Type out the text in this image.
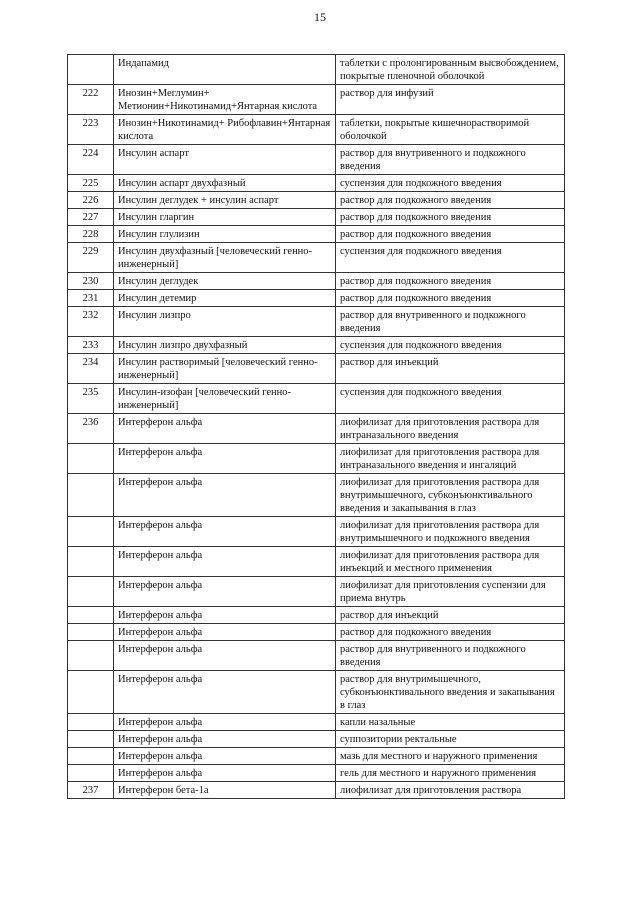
15
	Индапамид	таблетки с пролонгированным высвобождением, покрытые пленочной оболочкой
222	Инозин+Меглумин+ Метионин+Никотинамид+Янтарная кислота	раствор для инфузий
223	Инозин+Никотинамид+ Рибофлавин+Янтарная кислота	таблетки, покрытые кишечнорастворимой оболочкой
224	Инсулин аспарт	раствор для внутривенного и подкожного введения
225	Инсулин аспарт двухфазный	суспензия для подкожного введения
226	Инсулин деглудек + инсулин аспарт	раствор для подкожного введения
227	Инсулин гларгин	раствор для подкожного введения
228	Инсулин глулизин	раствор для подкожного введения
229	Инсулин двухфазный [человеческий генно-инженерный]	суспензия для подкожного введения
230	Инсулин деглудек	раствор для подкожного введения
231	Инсулин детемир	раствор для подкожного введения
232	Инсулин лизпро	раствор для внутривенного и подкожного введения
233	Инсулин лизпро двухфазный	суспензия для подкожного введения
234	Инсулин растворимый [человеческий генно-инженерный]	раствор для инъекций
235	Инсулин-изофан [человеческий генно-инженерный]	суспензия для подкожного введения
236	Интерферон альфа	лиофилизат для приготовления раствора для интраназального введения
	Интерферон альфа	лиофилизат для приготовления раствора для интраназального введения и ингаляций
	Интерферон альфа	лиофилизат для приготовления раствора для внутримышечного, субконъюнктивального введения и закапывания в глаз
	Интерферон альфа	лиофилизат для приготовления раствора для внутримышечного и подкожного введения
	Интерферон альфа	лиофилизат для приготовления раствора для инъекций и местного применения
	Интерферон альфа	лиофилизат для приготовления суспензии для приема внутрь
	Интерферон альфа	раствор для инъекций
	Интерферон альфа	раствор для подкожного введения
	Интерферон альфа	раствор для внутривенного и подкожного введения
	Интерферон альфа	раствор для внутримышечного, субконъюнктивального введения и закапывания в глаз
	Интерферон альфа	капли назальные
	Интерферон альфа	суппозитории ректальные
	Интерферон альфа	мазь для местного и наружного применения
	Интерферон альфа	гель для местного и наружного применения
237	Интерферон бета-1а	лиофилизат для приготовления раствора
